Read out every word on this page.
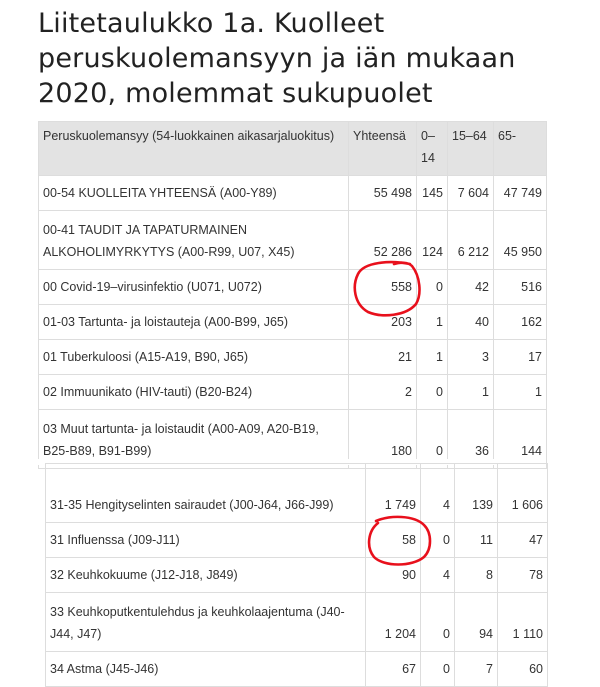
Liitetaulukko 1a. Kuolleet peruskuolemansyyn ja iän mukaan 2020, molemmat sukupuolet
Peruskuolemansyy (54-luokkainen aikasarjaluokitus)	Yhteensä	0–14	15–64	65-
00-54 KUOLLEITA YHTEENSÄ (A00-Y89)	55 498	145	7 604	47 749
00-41 TAUDIT JA TAPATURMAINEN ALKOHOLIMYRKYTYS (A00-R99, U07, X45)	52 286	124	6 212	45 950
00 Covid-19–virusinfektio (U071, U072)	558	0	42	516
01-03 Tartunta- ja loistauteja (A00-B99, J65)	203	1	40	162
01 Tuberkuloosi (A15-A19, B90, J65)	21	1	3	17
02 Immuunikato (HIV-tauti) (B20-B24)	2	0	1	1
03 Muut tartunta- ja loistaudit (A00-A09, A20-B19, B25-B89, B91-B99)	180	0	36	144
31-35 Hengityselinten sairaudet (J00-J64, J66-J99)	1 749	4	139	1 606
31 Influenssa (J09-J11)	58	0	11	47
32 Keuhkokuume (J12-J18, J849)	90	4	8	78
33 Keuhkoputkentulehdus ja keuhkolaajentuma (J40-J44, J47)	1 204	0	94	1 110
34 Astma (J45-J46)	67	0	7	60
